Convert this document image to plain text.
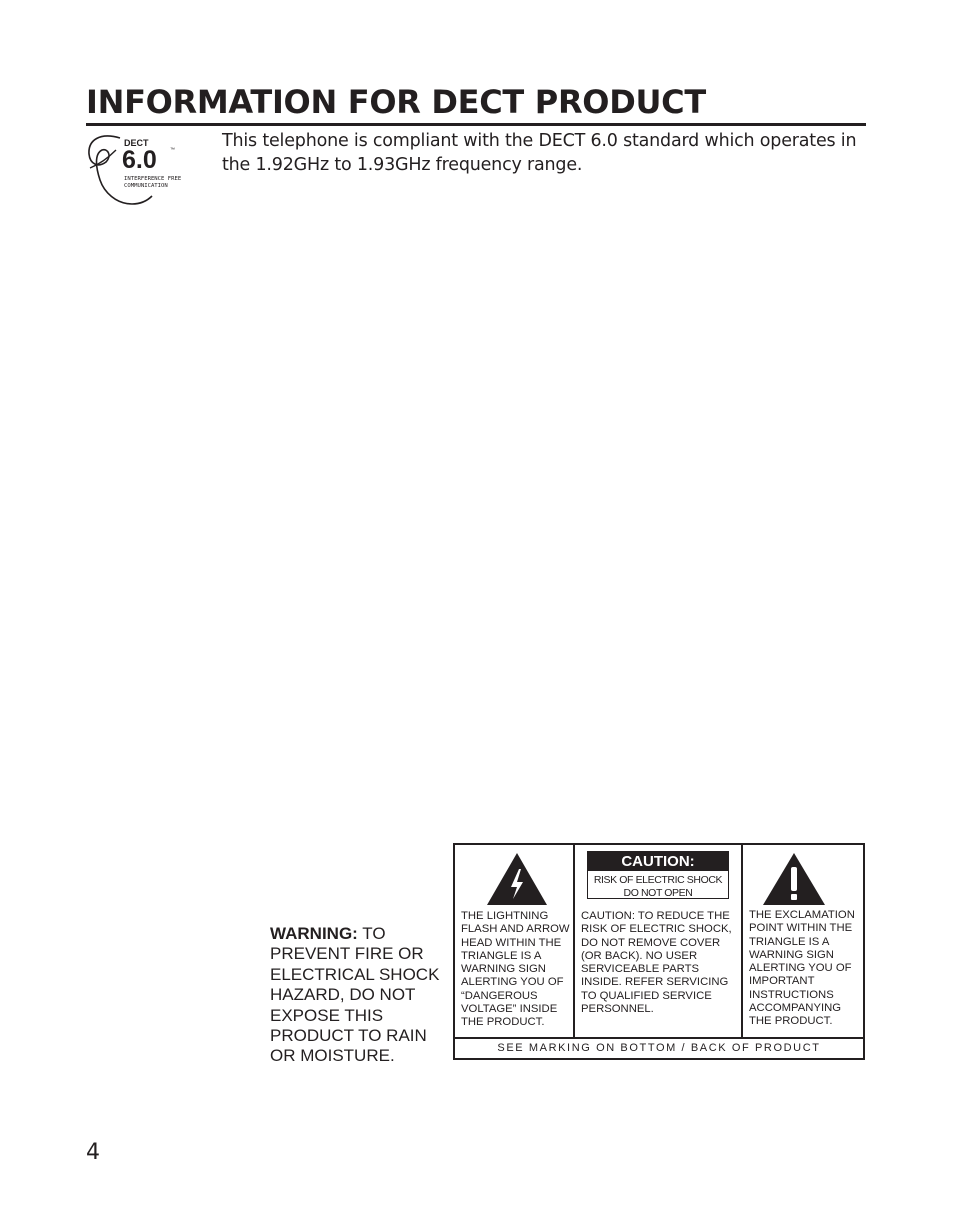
INFORMATION FOR DECT PRODUCT
DECT
6.0	™
INTERFERENCE FREE
COMMUNICATION

This telephone is compliant with the DECT 6.0 standard which operates in the 1.92GHz to 1.93GHz frequency range.

WARNING: TO PREVENT FIRE OR ELECTRICAL SHOCK HAZARD, DO NOT EXPOSE THIS PRODUCT TO RAIN OR MOISTURE.
THE LIGHTNING FLASH AND ARROW HEAD WITHIN THE TRIANGLE IS A WARNING SIGN ALERTING YOU OF “DANGEROUS VOLTAGE” INSIDE THE PRODUCT.
CAUTION:
RISK OF ELECTRIC SHOCK
DO NOT OPEN
CAUTION: TO REDUCE THE RISK OF ELECTRIC SHOCK, DO NOT REMOVE COVER (OR BACK). NO USER SERVICEABLE PARTS INSIDE. REFER SERVICING TO QUALIFIED SERVICE PERSONNEL.
THE EXCLAMATION POINT WITHIN THE TRIANGLE IS A WARNING SIGN ALERTING YOU OF IMPORTANT INSTRUCTIONS ACCOMPANYING THE PRODUCT.
SEE MARKING ON BOTTOM / BACK OF PRODUCT
4
